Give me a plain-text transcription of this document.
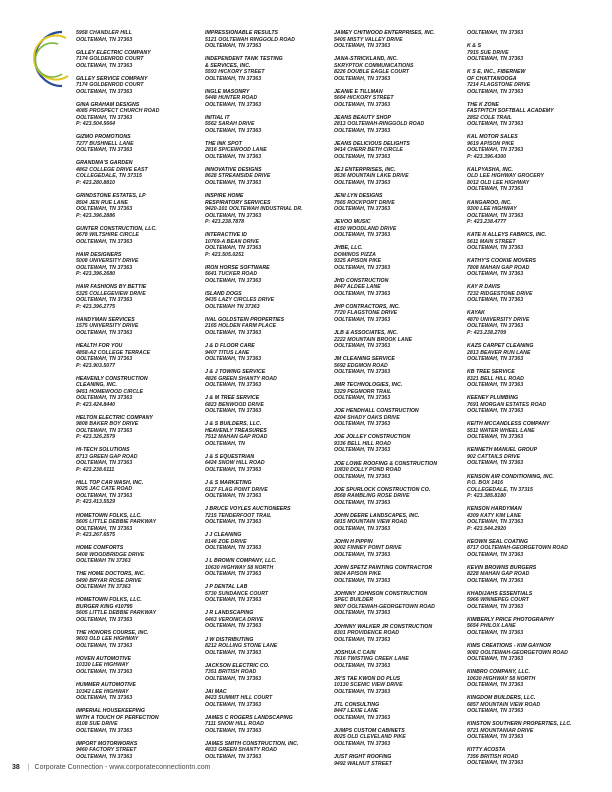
5958 CHANDLER HILL
OOLTEWAH, TN 37363
GILLEY ELECTRIC COMPANY
7174 GOLDENROD COURT
OOLTEWAH, TN 37363
GILLEY SERVICE COMPANY
7174 GOLDENROD COURT
OOLTEWAH, TN 37363
GINA GRAHAM DESIGNS
4085 PROSPECT CHURCH ROAD
OOLTEWAH, TN 37363
P: 423.504.5664
GIZMO PROMOTIONS
7277 BUSHNELL LANE
OOLTEWAH, TN 37363
GRANDMA'S GARDEN
4862 COLLEGE DRIVE EAST
COLLEGEDALE, TN 37315
P: 423.280.8810
GRINDSTONE ESTATES, LP
8504 JEN RUE LANE
OOLTEWAH, TN 37363
P: 423.396.2886
GUNTER CONSTRUCTION, LLC.
9678 WILTSHIRE CIRCLE
OOLTEWAH, TN 37363
HAIR DESIGNERS
5008 UNIVERSITY DRIVE
OOLTEWAH, TN 37363
P: 423.396.2680
HAIR FASHIONS BY BETTIE
5325 COLLEGEVIEW DRIVE
OOLTEWAH, TN 37363
P: 423.396.2775
HANDYMAN SERVICES
1575 UNIVERSITY DRIVE
OOLTEWAH, TN 37363
HEALTH FOR YOU
4858-A2 COLLEGE TERRACE
OOLTEWAH, TN 37363
P: 423.903.5077
HEAVENLY CONSTRUCTION
CLEANING, INC.
9451 HOMEWOOD CIRCLE
OOLTEWAH, TN 37363
P: 423.424.8440
HELTON ELECTRIC COMPANY
9808 BAKER BOY DRIVE
OOLTEWAH, TN 37363
P: 423.326.2579
HI-TECH SOLUTIONS
8713 GREEN GAP ROAD
OOLTEWAH, TN 37363
P: 423.238.6111
HILL TOP CAR WASH, INC.
9025 JAC CATE ROAD
OOLTEWAH, TN 37363
P: 423.413.5529
HOMETOWN FOLKS, LLC.
5605 LITTLE DEBBIE PARKWAY
OOLTEWAH, TN 37363
P: 423.267.6575
HOME COMFORTS
5408 WOODBRIDGE DRIVE
OOLTEWAH TN 37363
THE HOME DOCTORS, INC.
5490 BRYAR ROSE DRIVE
OOLTEWAH TN 37363
HOMETOWN FOLKS, LLC.
BURGER KING #10795
5605 LITTLE DEBBIE PARKWAY
OOLTEWAH, TN 37363
THE HONORS COURSE, INC.
9603 OLD LEE HIGHWAY
OOLTEWAH, TN 37363
HOVEN AUTOMOTIVE
10330 LEE HIGHWAY
OOLTEWAH, TN 37363
HUMMER AUTOMOTIVE
10342 LEE HIGHWAY
OOLTEWAH, TN 37363
IMPERIAL HOUSEKEEPING
WITH A TOUCH OF PERFECTION
8108 SUE DRIVE
OOLTEWAH, TN 37363
IMPORT MOTORWORKS
9460 FACTORY STREET
OOLTEWAH, TN 37363
IMPRESSIONABLE RESULTS
5121 OOLTEWAH RINGGOLD ROAD
OOLTEWAH, TN 37363
INDEPENDENT TANK TESTING
& SERVICES, INC.
5593 HICKORY STREET
OOLTEWAH, TN 37363
INGLE MASONRY
5448 HUNTER ROAD
OOLTEWAH, TN 37363
INITIAL IT
5562 SARAH DRIVE
OOLTEWAH, TN 37363
THE INK SPOT
2816 SPICEWOOD LANE
OOLTEWAH, TN 37363
INNOVATIVE DESIGNS
8628 STREAMSIDE DRIVE
OOLTEWAH, TN 37363
INSPIRE HOME
RESPIRATORY SERVICES
9420-101 OOLTEWAH INDUSTRIAL DR.
OOLTEWAH, TN 37363
P: 423.238.7878
INTERACTIVE ID
10769-A BEAN DRIVE
OOLTEWAH, TN 37363
P: 423.505.0251
IRON HORSE SOFTWARE
5641 TUCKER ROAD
OOLTEWAH, TN 37363
ISLAND DOGS
9435 LAZY CIRCLES DRIVE
OOLTEWAH TN 37363
IVAL GOLDSTEIN PROPERTIES
2165 HOLDEN FARM PLACE
OOLTEWAH, TN 37363
J & D FLOOR CARE
9407 TITUS LANE
OOLTEWAH, TN 37363
J & J TOWING SERVICE
4826 GREEN SHANTY ROAD
OOLTEWAH, TN 37363
J & M TREE SERVICE
6823 BENWOOD DRIVE
OOLTEWAH, TN 37363
J & S BUILDERS, LLC.
HEAVENLY TREASURES
7512 MAHAN GAP ROAD
OOLTEWAH, TN
J & S EQUESTRIAN
6424 SNOW HILL ROAD
OOLTEWAH, TN 37363
J & S MARKETING
6127 FLAG POINT DRIVE
OOLTEWAH, TN 37363
J BRUCE VOYLES AUCTIONEERS
7215 TENDERFOOT TRAIL
OOLTEWAH, TN 37363
J J CLEANING
8146 ZOE DRIVE
OOLTEWAH, TN 37363
J L BROWN COMPANY, LLC.
10630 HIGHWAY 58 NORTH
OOLTEWAH, TN 37363
J P DENTAL LAB
5730 SUNDANCE COURT
OOLTEWAH, TN 37363
J R LANDSCAPING
6463 VERONICA DRIVE
OOLTEWAH, TN 37363
J W DISTRIBUTING
8212 ROLLING STONE LANE
OOLTEWAH, TN 37363
JACKSON ELECTRIC CO.
7351 BRITISH ROAD
OOLTEWAH, TN 37363
JAI MAC
8423 SUMMIT HILL COURT
OOLTEWAH, TN 37363
JAMES C ROGERS LANDSCAPING
7111 SNOW HILL ROAD
OOLTEWAH, TN 37363
JAMES SMITH CONSTRUCTION, INC.
4833 GREEN SHANTY ROAD
OOLTEWAH, TN 37363
JAMEY CHITWOOD ENTERPRISES, INC.
5405 MISTY VALLEY DRIVE
OOLTEWAH, TN 37363
JANA-STRICKLAND, INC.
SKRYPTOK COMMUNICATIONS
8226 DOUBLE EAGLE COURT
OOLTEWAH, TN 37363
JEANIE E TILLMAN
5664 HICKORY STREET
OOLTEWAH, TN 37363
JEANS BEAUTY SHOP
2813 OOLTEWAH-RINGGOLD ROAD
OOLTEWAH, TN 37363
JEANS DELICIOUS DELIGHTS
9414 CHERR BETH CIRCLE
OOLTEWAH, TN 37363
JEJ ENTERPRISES, INC.
9536 MOUNTAIN LAKE DRIVE
OOLTEWAH, TN 37363
JENI LYN DESIGNS
7565 ROCKPORT DRIVE
OOLTEWAH, TN 37363
JEVOO MUSIC
4150 WOODLAND DRIVE
OOLTEWAH, TN 37363
JHBE, LLC.
DOMINOS PIZZA
9325 APISON PIKE
OOLTEWAH, TN 37363
JHD CONSTRUCTION
8447 ALDEE LANE
OOLTEWAH, TN 37363
JHP CONTRACTORS, INC.
7720 FLAGSTONE DRIVE
OOLTEWAH, TN 37363
JLB & ASSOCIATES, INC.
2222 MOUNTAIN BROOK LANE
OOLTEWAH, TN 37363
JM CLEANING SERVICE
5692 EDGMON ROAD
OOLTEWAH, TN 37363
JMR TECHNOLOGIES, INC.
5329 PEGMORR TRAIL
OOLTEWAH, TN 37363
JOE HENDHALL CONSTRUCTION
4204 SHADY OAKS DRIVE
OOLTEWAH, TN 37363
JOE JOLLEY CONSTRUCTION
9336 BELL HILL ROAD
OOLTEWAH, TN 37363
JOE LOWE ROOFING & CONSTRUCTION
10830 DOLLY POND ROAD
OOLTEWAH, TN 37363
JOE SPURLOCK CONSTRUCTION CO.
8568 RAMBLING ROSE DRIVE
OOLTEWAH, TN 37363
JOHN DEERE LANDSCAPES, INC.
6815 MOUNTAIN VIEW ROAD
OOLTEWAH, TN 37363
JOHN H PIPPIN
9002 FINNEY POINT DRIVE
OOLTEWAH, TN 37363
JOHN SPETZ PAINTING CONTRACTOR
9824 APISON PIKE
OOLTEWAH, TN 37363
JOHNNY JOHNSON CONSTRUCTION
SPEC BUILDER
9807 OOLTEWAH-GEORGETOWN ROAD
OOLTEWAH, TN 37363
JOHNNY WALKER JR CONSTRUCTION
8301 PROVIDENCE ROAD
OOLTEWAH, TN 37363
JOSHUA C CAIN
7616 TWISTING CREEK LANE
OOLTEWAH, TN 37363
JR'S TAE KWON DO PLUS
10130 SCENIC VIEW DRIVE
OOLTEWAH, TN 37363
JTL CONSULTING
8447 LEXIE LANE
OOLTEWAH, TN 37363
JUMPS CUSTOM CABINETS
8025 OLD CLEVELAND PIKE
OOLTEWAH, TN 37363
JUST RIGHT ROOFING
9492 WALNUT STREET
OOLTEWAH, TN 37363
K & S
7915 SUE DRIVE
OOLTEWAH, TN 37363
K S E, INC., FIBERNEW
OF CHATTANOOGA
7214 FLAGSTONE DRIVE
OOLTEWAH, TN 37363
THE K ZONE
FASTPITCH SOFTBALL ACADEMY
2852 COLE TRAIL
OOLTEWAH, TN 37363
KAL MOTOR SALES
9619 APISON PIKE
OOLTEWAH, TN 37363
P: 423.396.4300
KALPYASHA, INC.
OLD LEE HIGHWAY GROCERY
8012 OLD LEE HIGHWAY
OOLTEWAH, TN 37363
KANGAROO, INC.
9300 LEE HIGHWAY
OOLTEWAH, TN 37363
P: 423.238.4777
KATE N ALLEYS FABRICS, INC.
5611 MAIN STREET
OOLTEWAH, TN 37363
KATHY'S COOKIE MOVERS
7808 MAHAN GAP ROAD
OOLTEWAH, TN 37363
KAY R DAVIS
7232 RIDGESTONE DRIVE
OOLTEWAH, TN 37363
KAYAK
4870 UNIVERSITY DRIVE
OOLTEWAH, TN 37363
P: 423.238.2709
KAZS CARPET CLEANING
2813 BEAVER RUN LANE
OOLTEWAH, TN 37363
KB TREE SERVICE
8321 BELL HILL ROAD
OOLTEWAH, TN 37363
KEENEY PLUMBING
7691 MORGAN ESTATES ROAD
OOLTEWAH, TN 37363
KEITH MCCANDLESS COMPANY
5511 WATER WHEEL LANE
OOLTEWAH, TN 37363
KENNETH MANUEL GROUP
902 CATTAILS DRIVE
OOLTEWAH, TN 37363
KENSON AIR CONDITIONING, INC.
P.O. BOX 1416
COLLEGEDALE, TN 37315
P: 423.385.8180
KENSON HARDYMAN
4309 KATY KIM LANE
OOLTEWAH, TN 37363
P: 423.544.2920
KEOWN SEAL COATING
8717 OOLTEWAH-GEORGETOWN ROAD
OOLTEWAH, TN 37363
KEVIN BROWNS BURGERS
8228 MAHAN GAP ROAD
OOLTEWAH, TN 37363
KHADIJAHS ESSENTIALS
5966 WINNEPEG COURT
OOLTEWAH, TN 37363
KIMBERLY PRICE PHOTOGRAPHY
5654 PHILOX LANE
OOLTEWAH, TN 37363
KIMS CREATIONS - KIM GAYNOR
9082 OOLTEWAH-GEORGETOWN ROAD
OOLTEWAH, TN 37363
KINBRO COMPANY, LLC.
10630 HIGHWAY 58 NORTH
OOLTEWAH, TN 37363
KINGDOM BUILDERS, LLC.
6857 MOUNTAIN VIEW ROAD
OOLTEWAH, TN 37363
KINSTON SOUTHERN PROPERTIES, LLC.
9721 MOUNTANIAR DRIVE
OOLTEWAH, TN 37363
KITTY ACOSTA
7356 BRITISH ROAD
OOLTEWAH, TN 37363
38 | Corporate Connection - www.corporateconnectiontn.com
